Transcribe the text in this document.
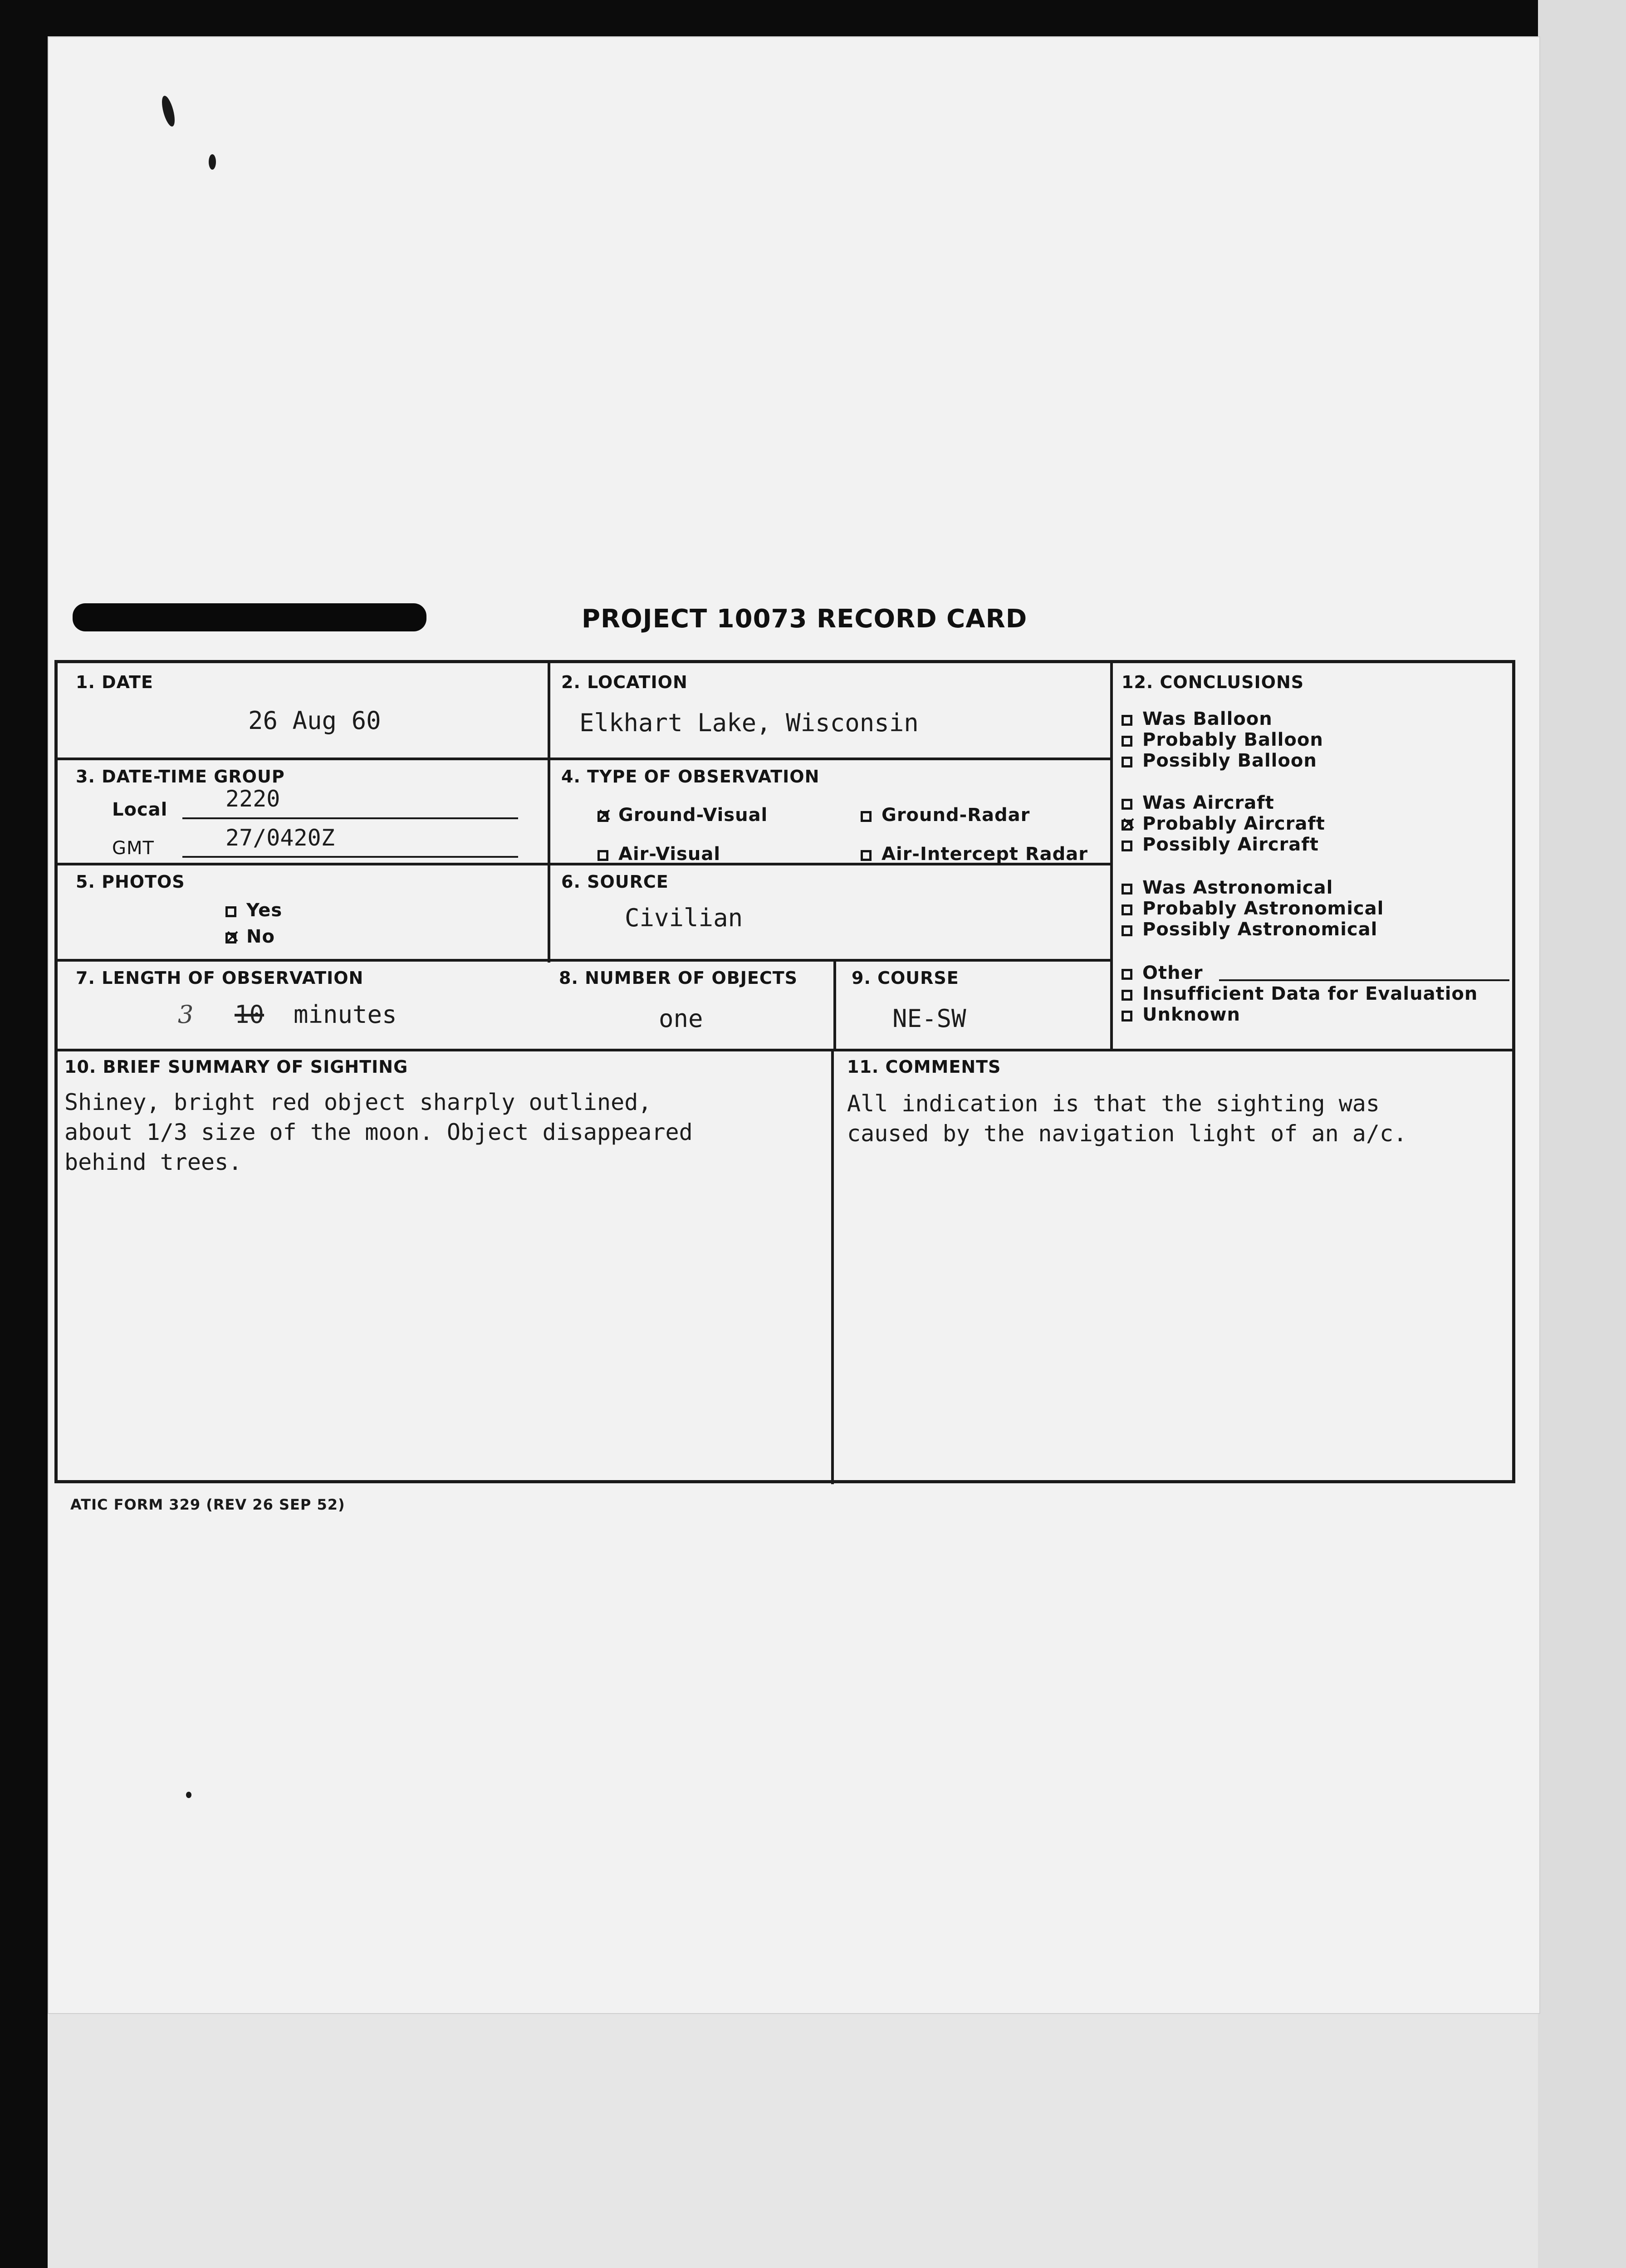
PROJECT 10073 RECORD CARD
1. DATE
26 Aug 60
2. LOCATION
Elkhart Lake, Wisconsin
3. DATE-TIME GROUP
Local	2220
GMT	27/0420Z
4. TYPE OF OBSERVATION
✕Ground-Visual	Ground-Radar
Air-Visual	Air-Intercept Radar
5. PHOTOS
Yes
✕No
6. SOURCE
Civilian
7. LENGTH OF OBSERVATION
3 10 minutes
8. NUMBER OF OBJECTS
one
9. COURSE
NE-SW
10. BRIEF SUMMARY OF SIGHTING
Shiney, bright red object sharply outlined,
about 1/3 size of the moon. Object disappeared
behind trees.
11. COMMENTS
All indication is that the sighting was
caused by the navigation light of an a/c.
12. CONCLUSIONS
Was Balloon
Probably Balloon
Possibly Balloon
Was Aircraft
✕Probably Aircraft
Possibly Aircraft
Was Astronomical
Probably Astronomical
Possibly Astronomical
Other
Insufficient Data for Evaluation
Unknown
ATIC FORM 329 (REV 26 SEP 52)
